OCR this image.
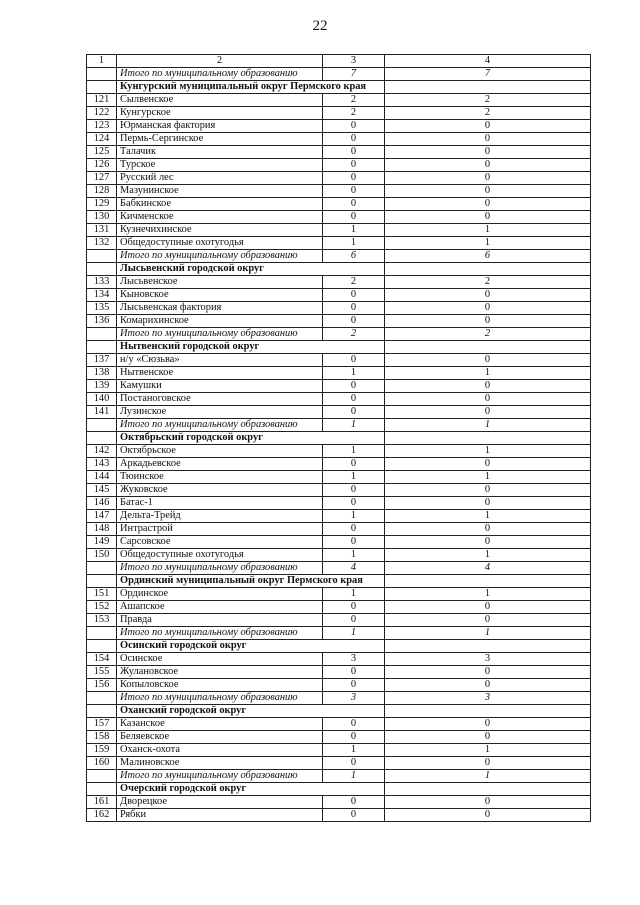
22
1	2	3	4
	Итого по муниципальному образованию	7	7
	Кунгурский муниципальный округ Пермского края		
121	Сылвенское	2	2
122	Кунгурское	2	2
123	Юрманская фактория	0	0
124	Пермь-Сергинское	0	0
125	Талачик	0	0
126	Турское	0	0
127	Русский лес	0	0
128	Мазунинское	0	0
129	Бабкинское	0	0
130	Кичменское	0	0
131	Кузнечихинское	1	1
132	Общедоступные охотугодья	1	1
	Итого по муниципальному образованию	6	6
	Лысьвенский городской округ		
133	Лысьвенское	2	2
134	Кыновское	0	0
135	Лысьвенская фактория	0	0
136	Комарихинское	0	0
	Итого по муниципальному образованию	2	2
	Нытвенский городской округ		
137	н/у «Сюзьва»	0	0
138	Нытвенское	1	1
139	Камушки	0	0
140	Постаноговское	0	0
141	Лузинское	0	0
	Итого по муниципальному образованию	1	1
	Октябрьский городской округ		
142	Октябрьское	1	1
143	Аркадьевское	0	0
144	Тюинское	1	1
145	Жуковское	0	0
146	Батас-1	0	0
147	Дельта-Трейд	1	1
148	Интрастрой	0	0
149	Сарсовское	0	0
150	Общедоступные охотугодья	1	1
	Итого по муниципальному образованию	4	4
	Ординский муниципальный округ Пермского края		
151	Ординское	1	1
152	Ашапское	0	0
153	Правда	0	0
	Итого по муниципальному образованию	1	1
	Осинский городской округ		
154	Осинское	3	3
155	Жулановское	0	0
156	Копыловское	0	0
	Итого по муниципальному образованию	3	3
	Оханский городской округ		
157	Казанское	0	0
158	Беляевское	0	0
159	Оханск-охота	1	1
160	Малиновское	0	0
	Итого по муниципальному образованию	1	1
	Очерский городской округ		
161	Дворецкое	0	0
162	Рябки	0	0
